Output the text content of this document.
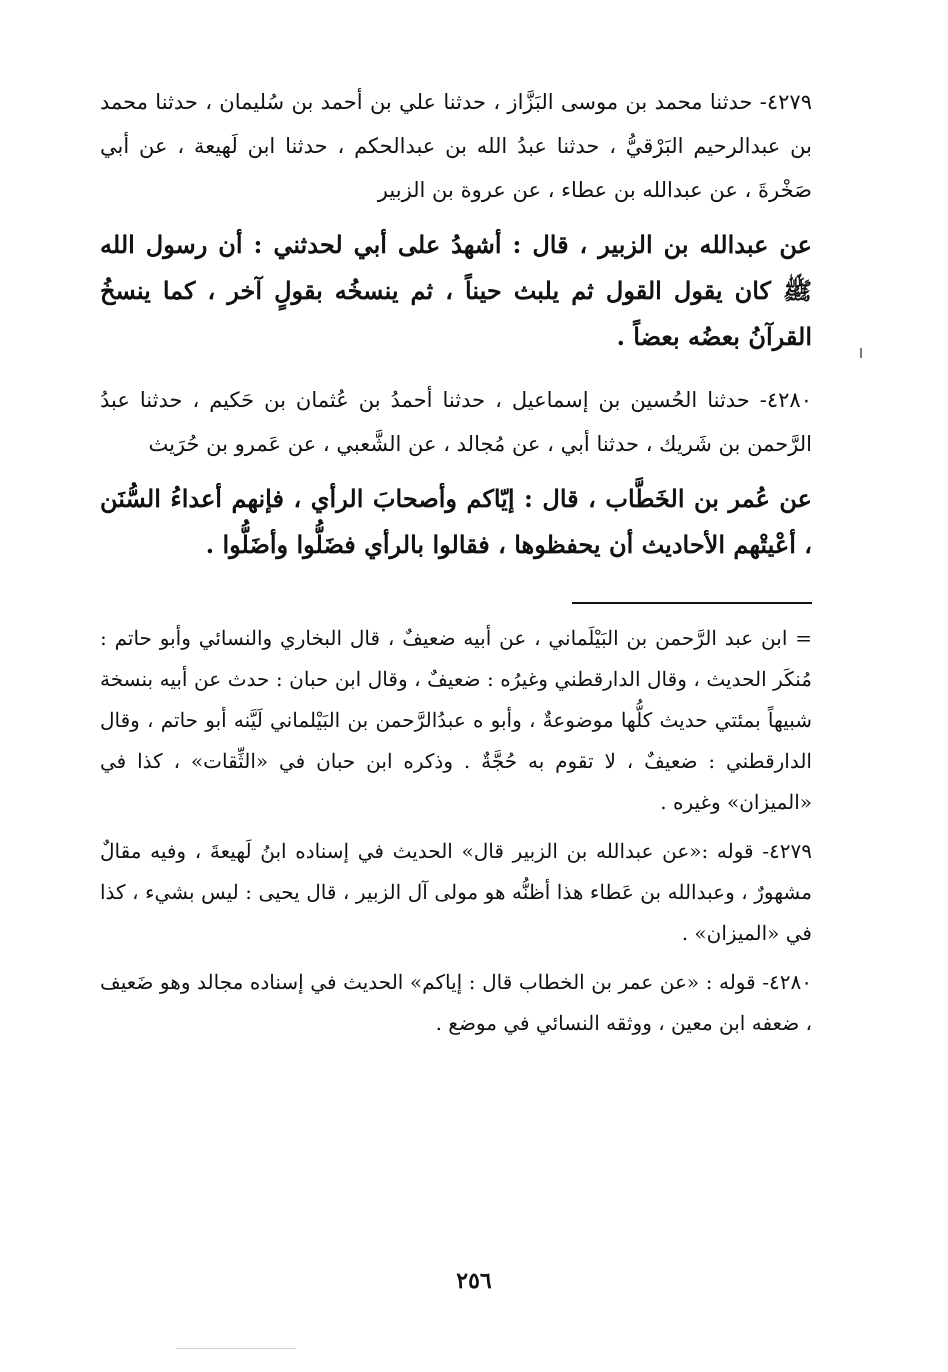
٤٢٧٩- حدثنا محمد بن موسى البَزَّاز ، حدثنا علي بن أحمد بن سُليمان ، حدثنا محمد بن عبدالرحيم البَرْقيُّ ، حدثنا عبدُ الله بن عبدالحكم ، حدثنا ابن لَهيعة ، عن أبي صَخْرةَ ، عن عبدالله بن عطاء ، عن عروة بن الزبير

عن عبدالله بن الزبير ، قال : أشهدُ على أبي لحدثني : أن رسول الله ﷺ كان يقول القول ثم يلبث حيناً ، ثم ينسخُه بقولٍ آخر ، كما ينسخُ القرآنُ بعضُه بعضاً .

٤٢٨٠- حدثنا الحُسين بن إسماعيل ، حدثنا أحمدُ بن عُثمان بن حَكيم ، حدثنا عبدُ الرَّحمن بن شَريك ، حدثنا أبي ، عن مُجالد ، عن الشَّعبي ، عن عَمرو بن حُرَيث

عن عُمر بن الخَطَّاب ، قال : إيّاكم وأصحابَ الرأي ، فإنهم أعداءُ السُّنَن ، أعْيتْهم الأحاديث أن يحفظوها ، فقالوا بالرأي فضَلُّوا وأضَلُّوا .

= ابن عبد الرَّحمن بن البَيْلَماني ، عن أبيه ضعيفٌ ، قال البخاري والنسائي وأبو حاتم : مُنكَر الحديث ، وقال الدارقطني وغيرُه : ضعيفٌ ، وقال ابن حبان : حدث عن أبيه بنسخة شبيهاً بمئتي حديث كلُّها موضوعةٌ ، وأبو ه عبدُالرَّحمن بن البَيْلماني لَيَّنه أبو حاتم ، وقال الدارقطني : ضعيفٌ ، لا تقوم به حُجَّةٌ . وذكره ابن حبان في «الثِّقات» ، كذا في «الميزان» وغيره .

٤٢٧٩- قوله :«عن عبدالله بن الزبير قال» الحديث في إسناده ابنُ لَهيعةَ ، وفيه مقالٌ مشهورٌ ، وعبدالله بن عَطاء هذا أظنُّه هو مولى آل الزبير ، قال يحيى : ليس بشيء ، كذا في «الميزان» .

٤٢٨٠- قوله : «عن عمر بن الخطاب قال : إياكم» الحديث في إسناده مجالد وهو ضَعيف ، ضعفه ابن معين ، ووثقه النسائي في موضع .

٢٥٦
